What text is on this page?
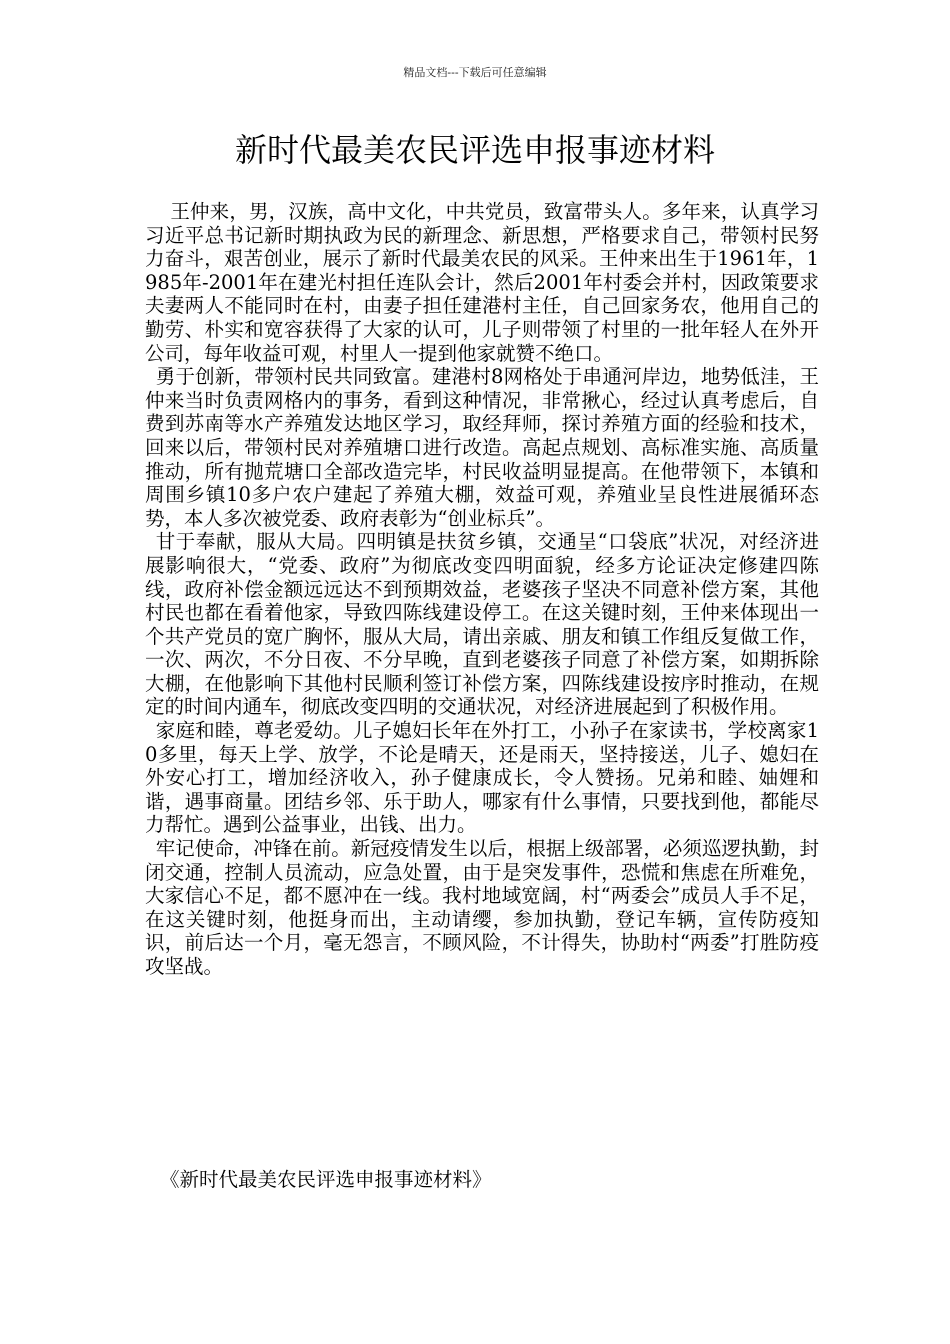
精品文档---下载后可任意编辑
新时代最美农民评选申报事迹材料

王仲来，男，汉族，高中文化，中共党员，致富带头人。多年来，认真学习习近平总书记新时期执政为民的新理念、新思想，严格要求自己，带领村民努力奋斗，艰苦创业，展示了新时代最美农民的风采。王仲来出生于1961年，1985年-2001年在建光村担任连队会计，然后2001年村委会并村，因政策要求夫妻两人不能同时在村，由妻子担任建港村主任，自己回家务农，他用自己的勤劳、朴实和宽容获得了大家的认可，儿子则带领了村里的一批年轻人在外开公司，每年收益可观，村里人一提到他家就赞不绝口。

勇于创新，带领村民共同致富。建港村8网格处于串通河岸边，地势低洼，王仲来当时负责网格内的事务，看到这种情况，非常揪心，经过认真考虑后，自费到苏南等水产养殖发达地区学习，取经拜师，探讨养殖方面的经验和技术，回来以后，带领村民对养殖塘口进行改造。高起点规划、高标准实施、高质量推动，所有抛荒塘口全部改造完毕，村民收益明显提高。在他带领下，本镇和周围乡镇10多户农户建起了养殖大棚，效益可观，养殖业呈良性进展循环态势，本人多次被党委、政府表彰为“创业标兵”。

甘于奉献，服从大局。四明镇是扶贫乡镇，交通呈“口袋底”状况，对经济进展影响很大，“党委、政府”为彻底改变四明面貌，经多方论证决定修建四陈线，政府补偿金额远远达不到预期效益，老婆孩子坚决不同意补偿方案，其他村民也都在看着他家，导致四陈线建设停工。在这关键时刻，王仲来体现出一个共产党员的宽广胸怀，服从大局，请出亲戚、朋友和镇工作组反复做工作，一次、两次，不分日夜、不分早晚，直到老婆孩子同意了补偿方案，如期拆除大棚，在他影响下其他村民顺利签订补偿方案，四陈线建设按序时推动，在规定的时间内通车，彻底改变四明的交通状况，对经济进展起到了积极作用。

家庭和睦，尊老爱幼。儿子媳妇长年在外打工，小孙子在家读书，学校离家10多里，每天上学、放学，不论是晴天，还是雨天，坚持接送，儿子、媳妇在外安心打工，增加经济收入，孙子健康成长，令人赞扬。兄弟和睦、妯娌和谐，遇事商量。团结乡邻、乐于助人，哪家有什么事情，只要找到他，都能尽力帮忙。遇到公益事业，出钱、出力。

牢记使命，冲锋在前。新冠疫情发生以后，根据上级部署，必须巡逻执勤，封闭交通，控制人员流动，应急处置，由于是突发事件，恐慌和焦虑在所难免，大家信心不足，都不愿冲在一线。我村地域宽阔，村“两委会”成员人手不足，在这关键时刻，他挺身而出，主动请缨，参加执勤，登记车辆，宣传防疫知识，前后达一个月，毫无怨言，不顾风险，不计得失，协助村“两委”打胜防疫攻坚战。

《新时代最美农民评选申报事迹材料》
